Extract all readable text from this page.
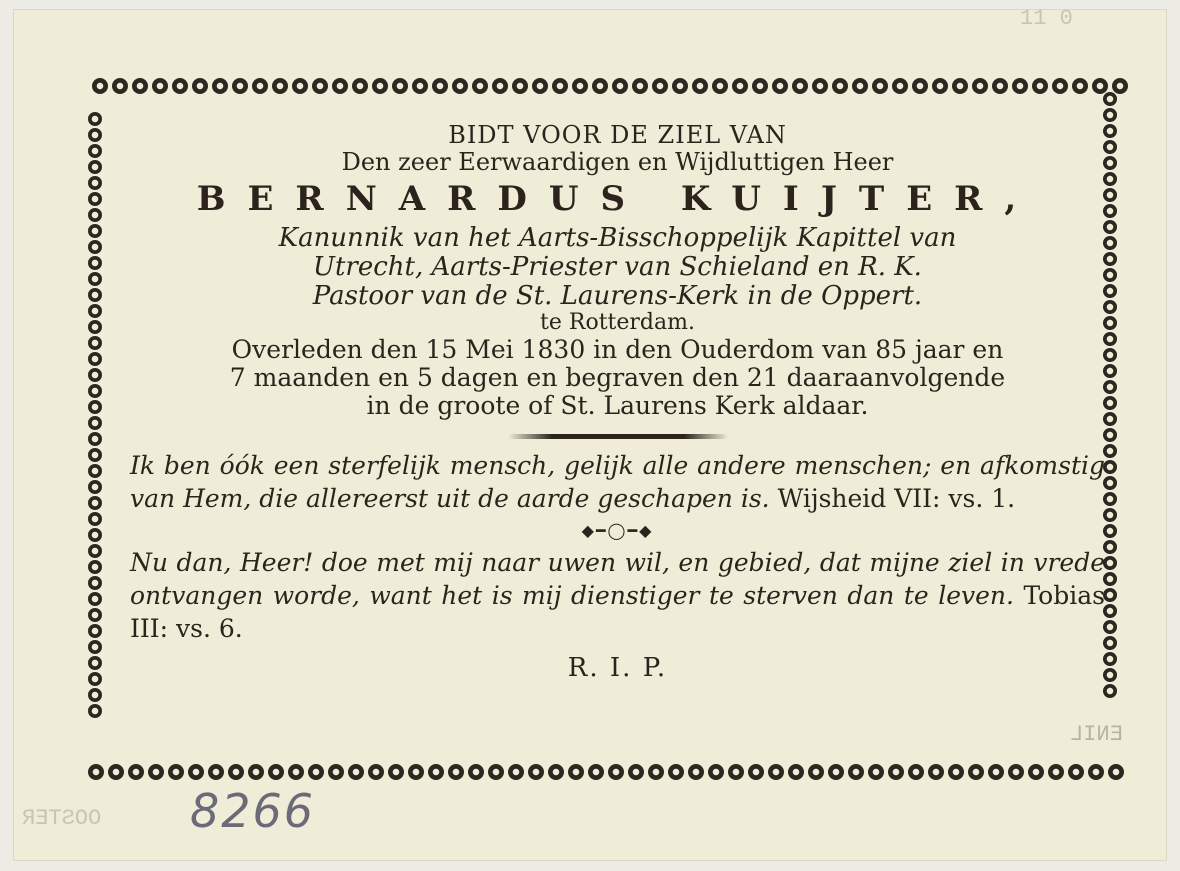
BIDT VOOR DE ZIEL VAN
Den zeer Eerwaardigen en Wijdluttigen Heer
BERNARDUS KUIJTER,
Kanunnik van het Aarts-Bisschoppelijk Kapittel van
Utrecht, Aarts-Priester van Schieland en R. K.
Pastoor van de St. Laurens-Kerk in de Oppert.
te Rotterdam.
Overleden den 15 Mei 1830 in den Ouderdom van 85 jaar en
7 maanden en 5 dagen en begraven den 21 daaraanvolgende
in de groote of St. Laurens Kerk aldaar.
Ik ben óók een sterfelijk mensch, gelijk alle andere menschen; en afkomstig van Hem, die allereerst uit de aarde geschapen is. Wijsheid VII: vs. 1.
◆━◯━◆
Nu dan, Heer! doe met mij naar uwen wil, en gebied, dat mijne ziel in vrede ontvangen worde, want het is mij dienstiger te sterven dan te leven. Tobias III: vs. 6.
R. I. P.
OOSTER
ENIL
11 0
8266
